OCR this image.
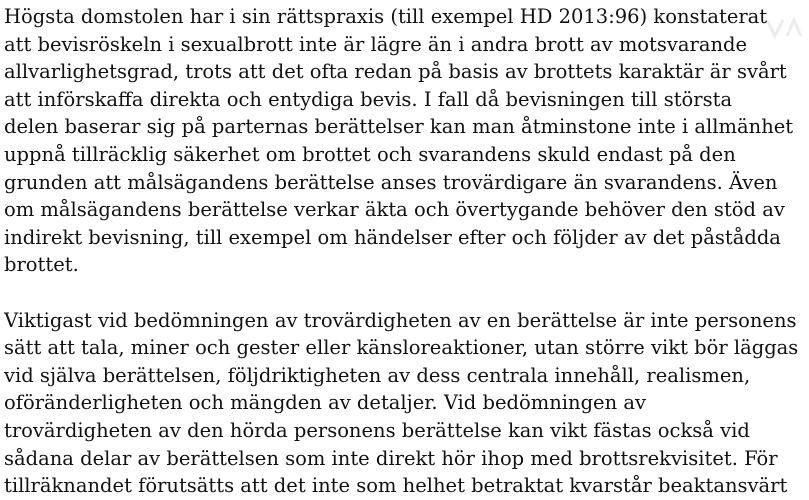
Högsta domstolen har i sin rättspraxis (till exempel HD 2013:96) konstaterat
att bevisröskeln i sexualbrott inte är lägre än i andra brott av motsvarande
allvarlighetsgrad, trots att det ofta redan på basis av brottets karaktär är svårt
att införskaffa direkta och entydiga bevis. I fall då bevisningen till största
delen baserar sig på parternas berättelser kan man åtminstone inte i allmänhet
uppnå tillräcklig säkerhet om brottet och svarandens skuld endast på den
grunden att målsägandens berättelse anses trovärdigare än svarandens. Även
om målsägandens berättelse verkar äkta och övertygande behöver den stöd av
indirekt bevisning, till exempel om händelser efter och följder av det påstådda
brottet.

Viktigast vid bedömningen av trovärdigheten av en berättelse är inte personens
sätt att tala, miner och gester eller känsloreaktioner, utan större vikt bör läggas
vid själva berättelsen, följdriktigheten av dess centrala innehåll, realismen,
oföränderligheten och mängden av detaljer. Vid bedömningen av
trovärdigheten av den hörda personens berättelse kan vikt fästas också vid
sådana delar av berättelsen som inte direkt hör ihop med brottsrekvisitet. För
tillräknandet förutsätts att det inte som helhet betraktat kvarstår beaktansvärt
